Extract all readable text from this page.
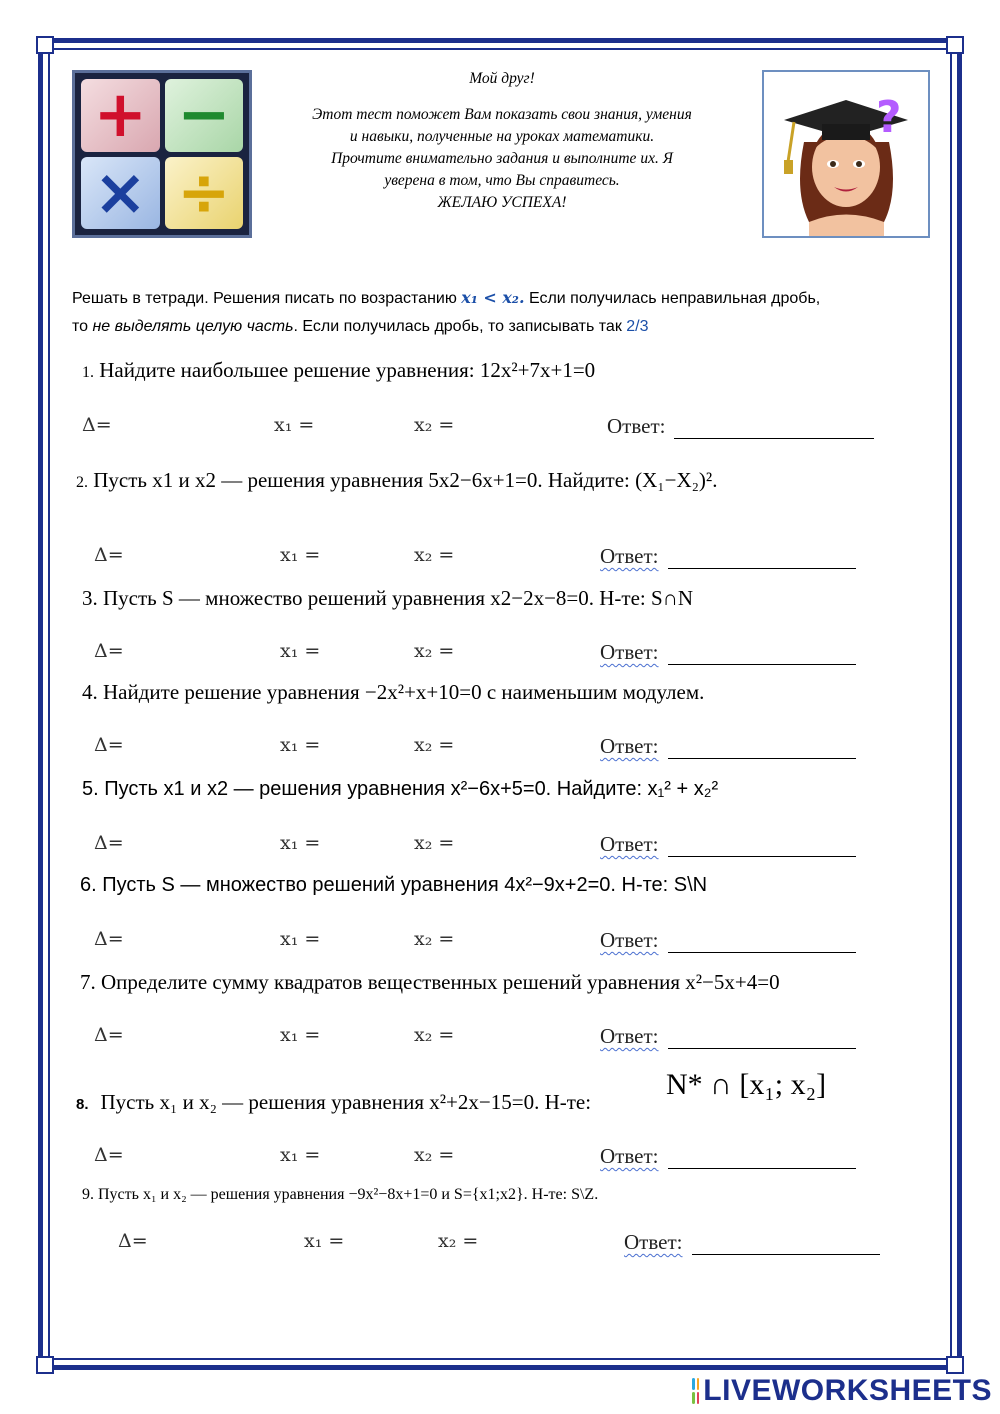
+ −
× ÷

Мой друг!

Этот тест поможет Вам показать свои знания, умения

и навыки, полученные на уроках математики.

Прочтите внимательно задания и выполните их. Я

уверена в том, что Вы справитесь.

ЖЕЛАЮ УСПЕХА!

?
Решать в тетради. Решения писать по возрастанию x₁ < x₂. Если получилась неправильная дробь,
то не выделять целую часть. Если получилась дробь, то записывать так 2/3
1. Найдите наибольшее решение уравнения: 12x²+7x+1=0
Δ=	x₁ =	x₂ =	Ответ:
2. Пусть x1 и x2 — решения уравнения 5x2−6x+1=0. Найдите: (X₁−X₂)².
Δ=	x₁ =	x₂ =	Ответ:
3. Пусть S — множество решений уравнения x2−2x−8=0. Н-те: S∩N
Δ=	x₁ =	x₂ =	Ответ:
4. Найдите решение уравнения −2x²+x+10=0 с наименьшим модулем.
Δ=	x₁ =	x₂ =	Ответ:
5. Пусть x1 и x2 — решения уравнения x²−6x+5=0. Найдите: x₁² + x₂²
Δ=	x₁ =	x₂ =	Ответ:
6. Пусть S — множество решений уравнения 4x²−9x+2=0. Н-те: S\N
Δ=	x₁ =	x₂ =	Ответ:
7. Определите сумму квадратов вещественных решений уравнения x²−5x+4=0
Δ=	x₁ =	x₂ =	Ответ:
8. Пусть x₁ и x₂ — решения уравнения x²+2x−15=0. Н-те:
N* ∩ [x₁; x₂]
Δ=	x₁ =	x₂ =	Ответ:
9. Пусть x₁ и x₂ — решения уравнения −9x²−8x+1=0 и S={x1;x2}. Н-те: S\Z.
Δ=	x₁ =	x₂ =	Ответ:
LIVEWORKSHEETS
